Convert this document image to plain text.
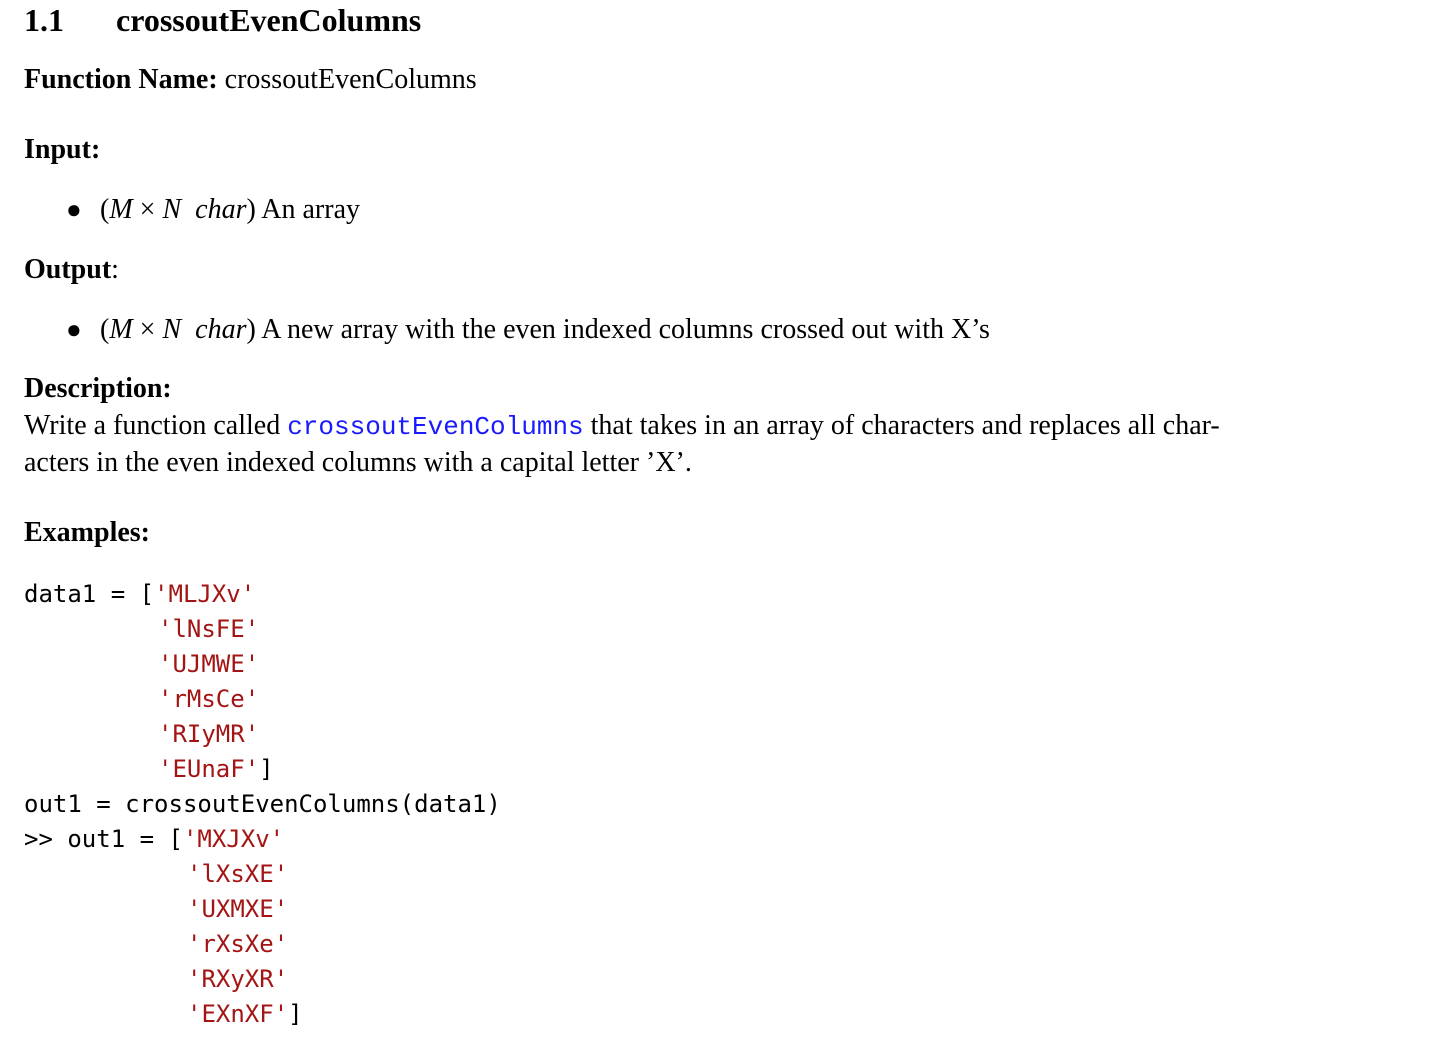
1.1 crossoutEvenColumns
Function Name: crossoutEvenColumns
Input:
● (M × N char) An array
Output:
● (M × N char) A new array with the even indexed columns crossed out with X’s
Description:
Write a function called crossoutEvenColumns that takes in an array of characters and replaces all char-
acters in the even indexed columns with a capital letter ’X’.
Examples:
data1 = ['MLJXv'
'lNsFE'
'UJMWE'
'rMsCe'
'RIyMR'
'EUnaF']
out1 = crossoutEvenColumns(data1)
>> out1 = ['MXJXv'
'lXsXE'
'UXMXE'
'rXsXe'
'RXyXR'
'EXnXF']
